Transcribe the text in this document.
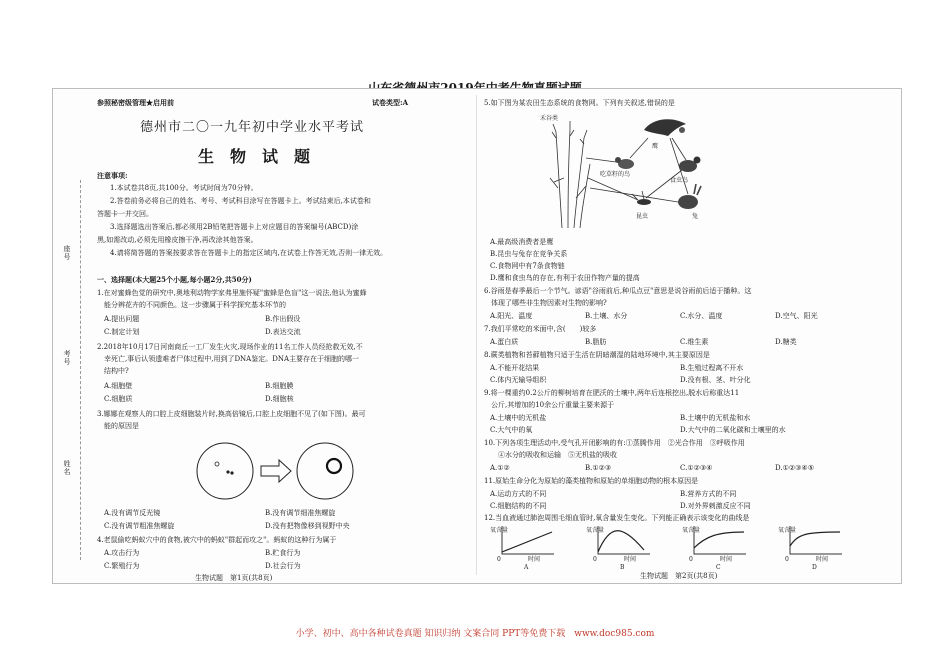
座号
考号
姓名
参照秘密级管理★启用前	试卷类型:A
德州市二〇一九年初中学业水平考试
生　物　试　题
注意事项:
1.本试卷共8页,共100分。考试时间为70分钟。
2.答卷前务必将自己的姓名、考号、考试科目涂写在答题卡上。考试结束后,本试卷和
答题卡一并交回。
3.选择题选出答案后,都必须用2B铅笔把答题卡上对应题目的答案编号(ABCD)涂
黑,如需改动,必须先用橡皮擦干净,再改涂其他答案。
4.请将简答题的答案按要求答在答题卡上的指定区域内,在试卷上作答无效,否则一律无效。
一、选择题(本大题25个小题,每小题2分,共50分)
1.在对蜜蜂色觉的研究中,奥地利动物学家弗里施怀疑"蜜蜂是色盲"这一说法,他认为蜜蜂
能分辨花卉的不同颜色。这一步骤属于科学探究基本环节的
A.提出问题	B.作出假设
C.制定计划	D.表达交流
2.2018年10月17日河南商丘一工厂发生火灾,现场作业的11名工作人员经抢救无效,不
幸死亡,事后认领遗难者尸体过程中,用到了DNA鉴定。DNA主要存在于细胞的哪一
结构中?
A.细胞壁	B.细胞膜
C.细胞质	D.细胞核
3.娜娜在观察人的口腔上皮细胞装片时,换高倍镜后,口腔上皮细胞不见了(如下图)。最可
能的原因是
A.没有调节反光镜	B.没有调节细准焦螺旋
C.没有调节粗准焦螺旋	D.没有把物像移到视野中央
4.老鼠偷吃蚂蚁穴中的食物,被穴中的蚂蚁"群起而攻之"。蚂蚁的这种行为属于
A.攻击行为	B.贮食行为
C.繁殖行为	D.社会行为
生物试题　第1页(共8页)
5.如下图为某农田生态系统的食物网。下列有关叙述,错误的是
禾谷类
鹰
食虫鸟
吃草籽的鸟
昆虫	兔
A.最高级消费者是鹰
B.昆虫与兔存在竞争关系
C.食物网中有7条食物链
D.鹰和食虫鸟的存在,有利于农田作物产量的提高
6.谷雨是春季最后一个节气。谚语"谷雨前后,种瓜点豆"意思是说谷雨前后适于播种。这
体现了哪些非生物因素对生物的影响?
A.阳光、温度	B.土壤、水分	C.水分、温度	D.空气、阳光
7.我们平常吃的米面中,含(　　)较多
A.蛋白质	B.脂肪	C.维生素	D.糖类
8.蕨类植物和苔藓植物只适于生活在阴暗潮湿的陆地环境中,其主要原因是
A.不能开花结果	B.生殖过程离不开水
C.体内无输导组织	D.没有根、茎、叶分化
9.将一棵重约0.2公斤的柳树培育在肥沃的土壤中,两年后连根挖出,脱水后称重达11
公斤,其增加的10余公斤重量主要来源于
A.土壤中的无机盐	B.土壤中的无机盐和水
C.大气中的氧	D.大气中的二氧化碳和土壤里的水
10.下列各项生理活动中,受气孔开闭影响的有:①蒸腾作用　②光合作用　③呼吸作用
　④水分的吸收和运输　⑤无机盐的吸收
A.①②	B.①②③	C.①②③④	D.①②③④⑤
11.原始生命分化为原始的藻类植物和原始的单细胞动物的根本原因是
A.运动方式的不同	B.营养方式的不同
C.细胞结构的不同	D.对外界刺激反应不同
12.当血液通过肺泡周围毛细血管时,氧含量发生变化。下列能正确表示该变化的曲线是
氧含量
0	时间
A
氧含量
0	时间
B
氧含量
0	时间
C
氧含量
0	时间
D
生物试题　第2页(共8页)
小学、初中、高中各种试卷真题 知识归纳 文案合同 PPT等免费下载　www.doc985.com
